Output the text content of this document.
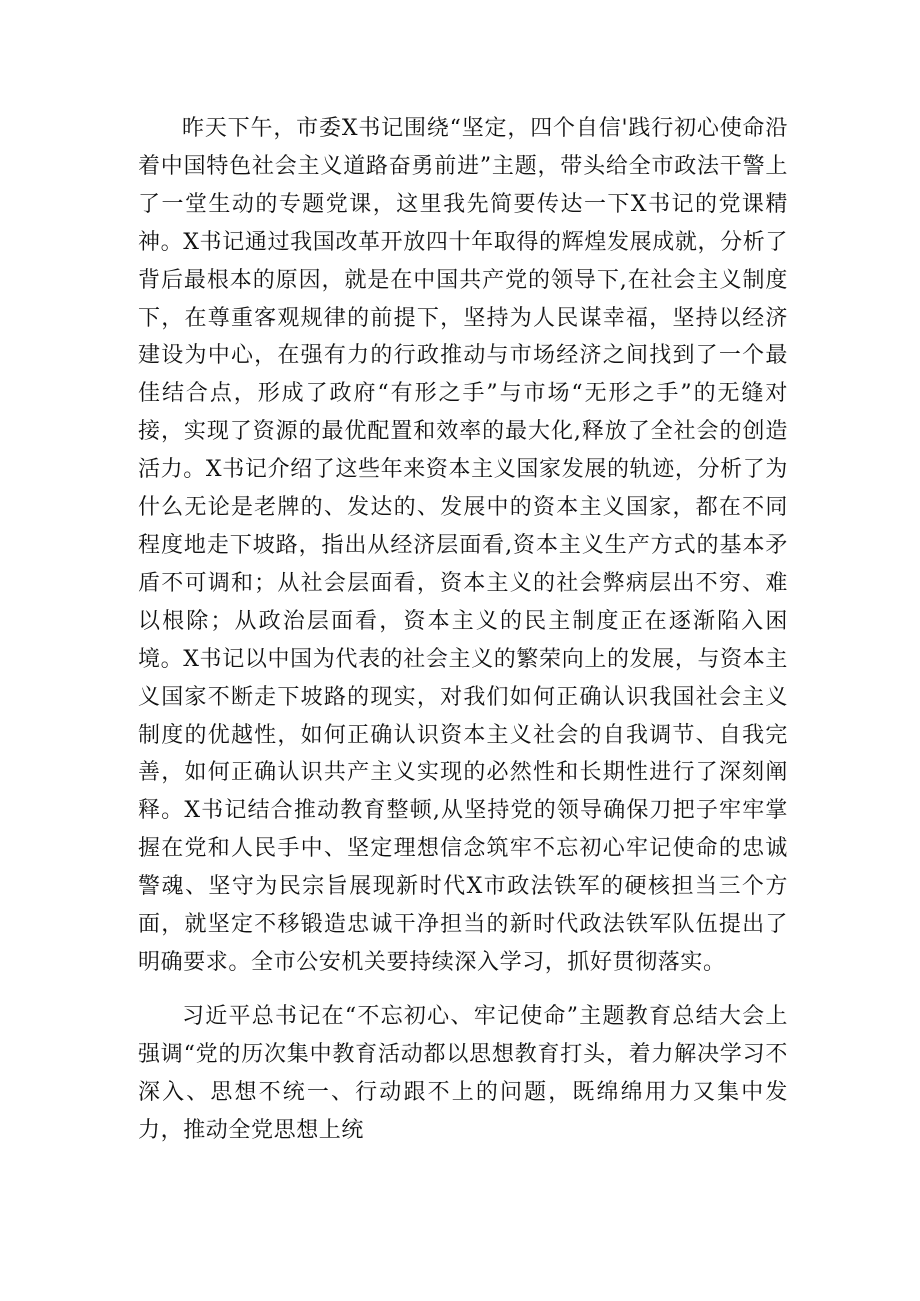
昨天下午，市委X书记围绕“坚定，四个自信'践行初心使命沿着中国特色社会主义道路奋勇前进”主题，带头给全市政法干警上了一堂生动的专题党课，这里我先简要传达一下X书记的党课精神。X书记通过我国改革开放四十年取得的辉煌发展成就，分析了背后最根本的原因，就是在中国共产党的领导下,在社会主义制度下，在尊重客观规律的前提下，坚持为人民谋幸福，坚持以经济建设为中心，在强有力的行政推动与市场经济之间找到了一个最佳结合点，形成了政府“有形之手”与市场“无形之手”的无缝对接，实现了资源的最优配置和效率的最大化,释放了全社会的创造活力。X书记介绍了这些年来资本主义国家发展的轨迹，分析了为什么无论是老牌的、发达的、发展中的资本主义国家，都在不同程度地走下坡路，指出从经济层面看,资本主义生产方式的基本矛盾不可调和；从社会层面看，资本主义的社会弊病层出不穷、难以根除；从政治层面看，资本主义的民主制度正在逐渐陷入困境。X书记以中国为代表的社会主义的繁荣向上的发展，与资本主义国家不断走下坡路的现实，对我们如何正确认识我国社会主义制度的优越性，如何正确认识资本主义社会的自我调节、自我完善，如何正确认识共产主义实现的必然性和长期性进行了深刻阐释。X书记结合推动教育整顿,从坚持党的领导确保刀把子牢牢掌握在党和人民手中、坚定理想信念筑牢不忘初心牢记使命的忠诚警魂、坚守为民宗旨展现新时代X市政法铁军的硬核担当三个方面，就坚定不移锻造忠诚干净担当的新时代政法铁军队伍提出了明确要求。全市公安机关要持续深入学习，抓好贯彻落实。

习近平总书记在“不忘初心、牢记使命”主题教育总结大会上强调“党的历次集中教育活动都以思想教育打头，着力解决学习不深入、思想不统一、行动跟不上的问题，既绵绵用力又集中发力，推动全党思想上统
